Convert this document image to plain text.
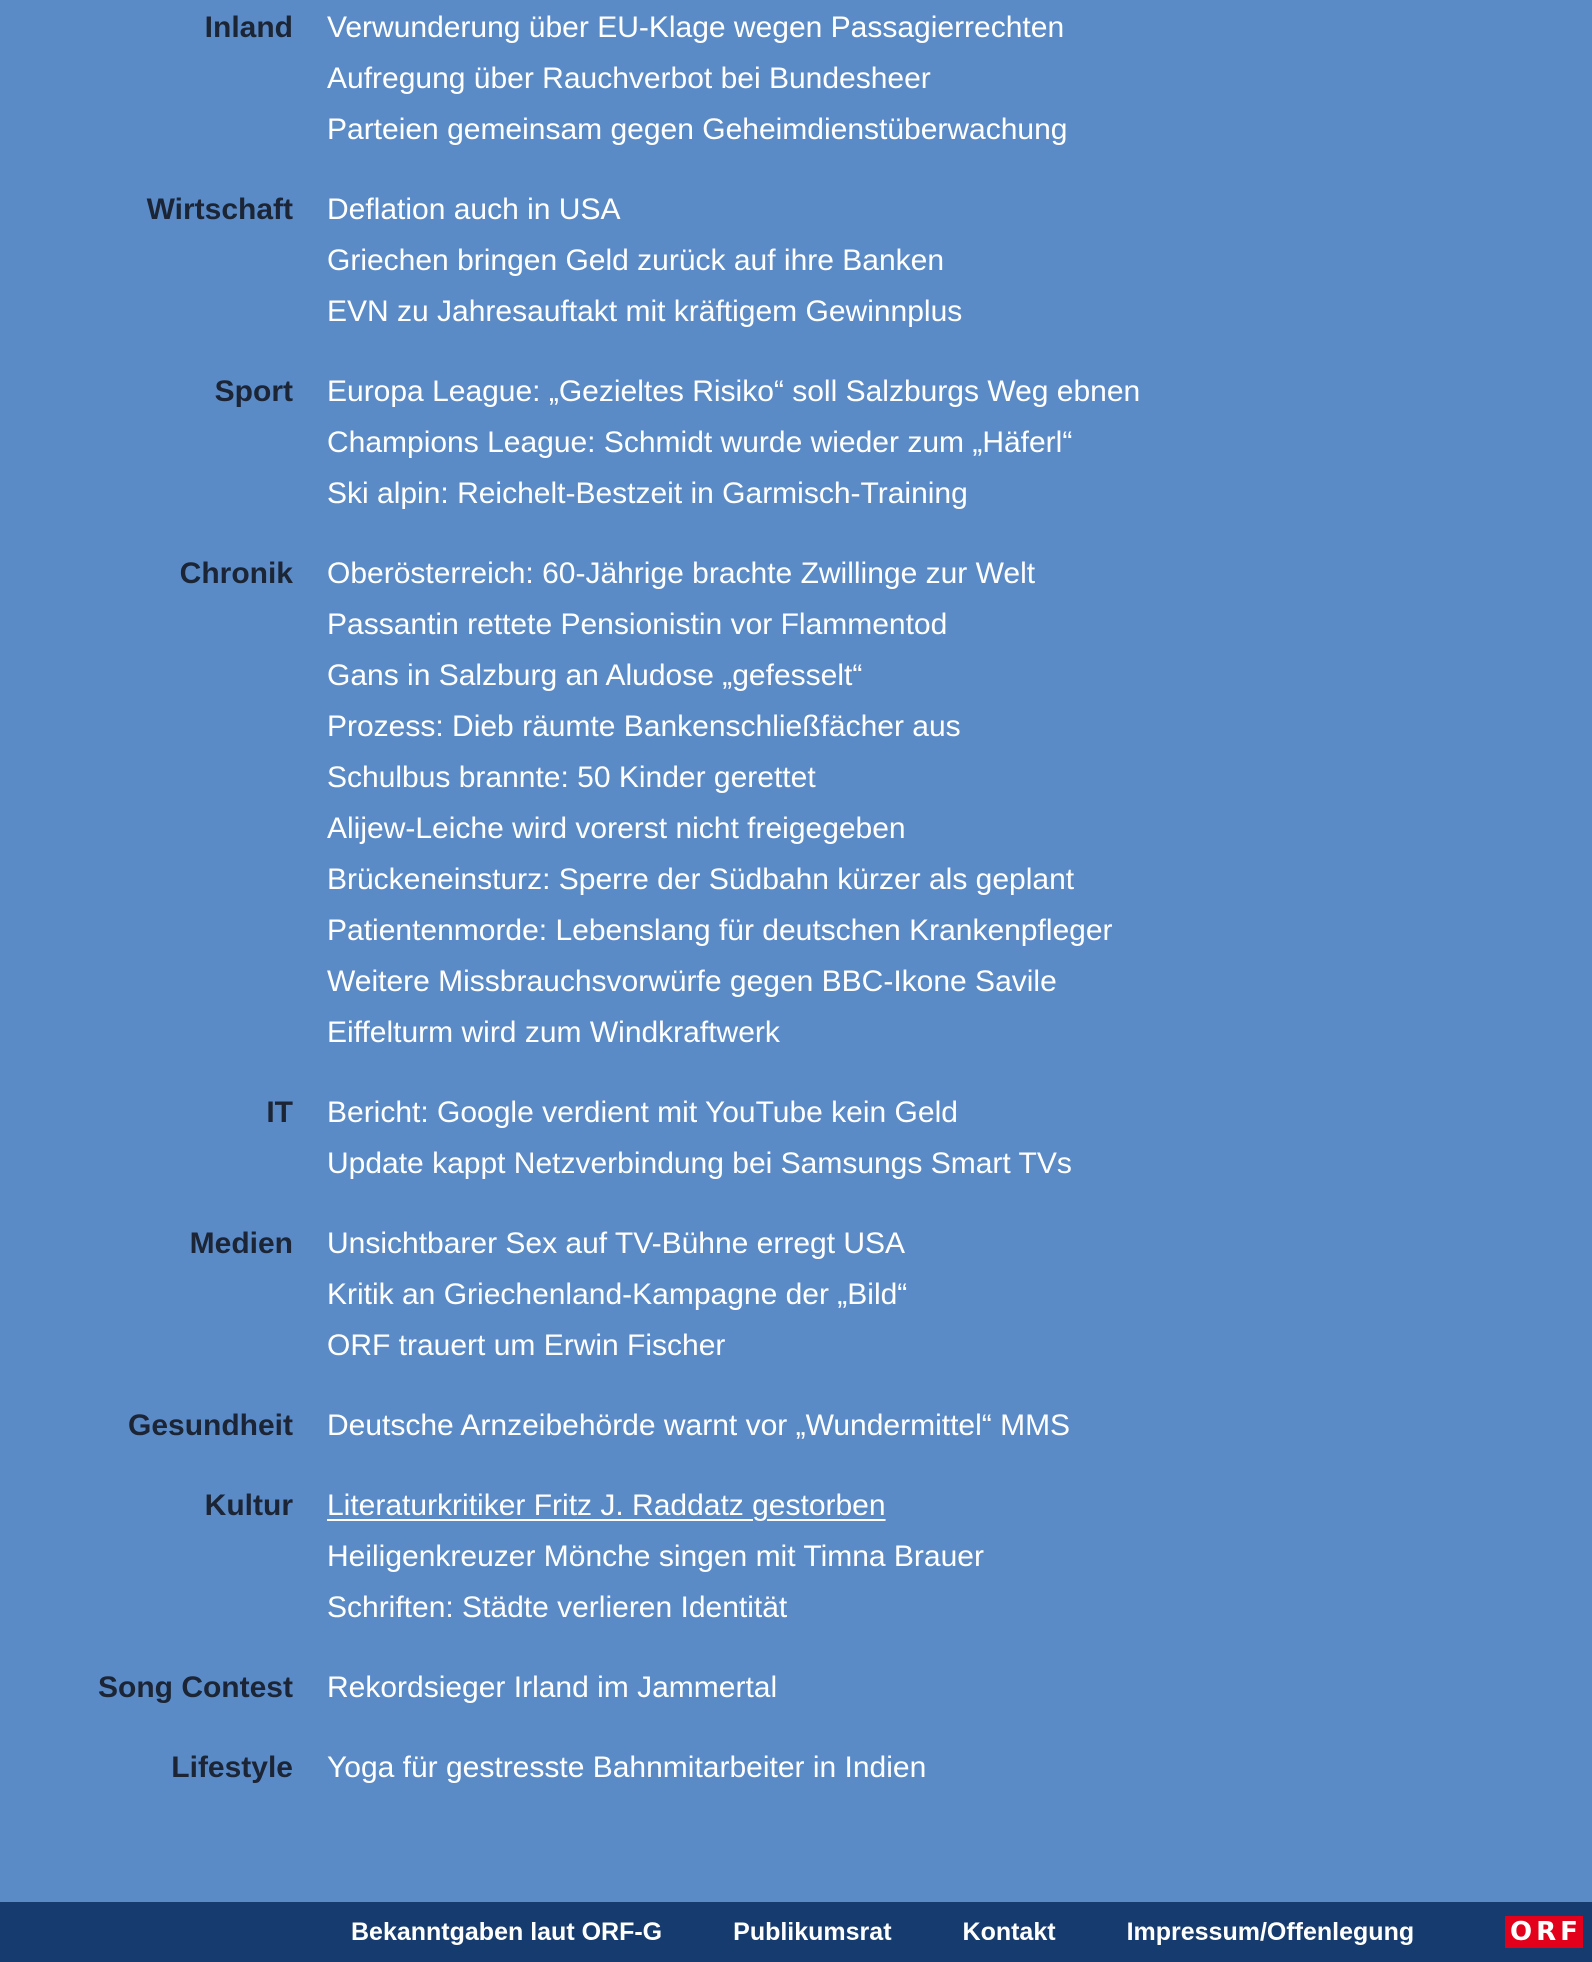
Inland	Verwunderung über EU-Klage wegen Passagierrechten
Aufregung über Rauchverbot bei Bundesheer
Parteien gemeinsam gegen Geheimdienstüberwachung
Wirtschaft	Deflation auch in USA
Griechen bringen Geld zurück auf ihre Banken
EVN zu Jahresauftakt mit kräftigem Gewinnplus
Sport	Europa League: „Gezieltes Risiko“ soll Salzburgs Weg ebnen
Champions League: Schmidt wurde wieder zum „Häferl“
Ski alpin: Reichelt-Bestzeit in Garmisch-Training
Chronik	Oberösterreich: 60-Jährige brachte Zwillinge zur Welt
Passantin rettete Pensionistin vor Flammentod
Gans in Salzburg an Aludose „gefesselt“
Prozess: Dieb räumte Bankenschließfächer aus
Schulbus brannte: 50 Kinder gerettet
Alijew-Leiche wird vorerst nicht freigegeben
Brückeneinsturz: Sperre der Südbahn kürzer als geplant
Patientenmorde: Lebenslang für deutschen Krankenpfleger
Weitere Missbrauchsvorwürfe gegen BBC-Ikone Savile
Eiffelturm wird zum Windkraftwerk
IT	Bericht: Google verdient mit YouTube kein Geld
Update kappt Netzverbindung bei Samsungs Smart TVs
Medien	Unsichtbarer Sex auf TV-Bühne erregt USA
Kritik an Griechenland-Kampagne der „Bild“
ORF trauert um Erwin Fischer
Gesundheit	Deutsche Arnzeibehörde warnt vor „Wundermittel“ MMS
Kultur	Literaturkritiker Fritz J. Raddatz gestorben
Heiligenkreuzer Mönche singen mit Timna Brauer
Schriften: Städte verlieren Identität
Song Contest	Rekordsieger Irland im Jammertal
Lifestyle	Yoga für gestresste Bahnmitarbeiter in Indien
Bekanntgaben laut ORF-G	Publikumsrat	Kontakt	Impressum/Offenlegung	ORF
